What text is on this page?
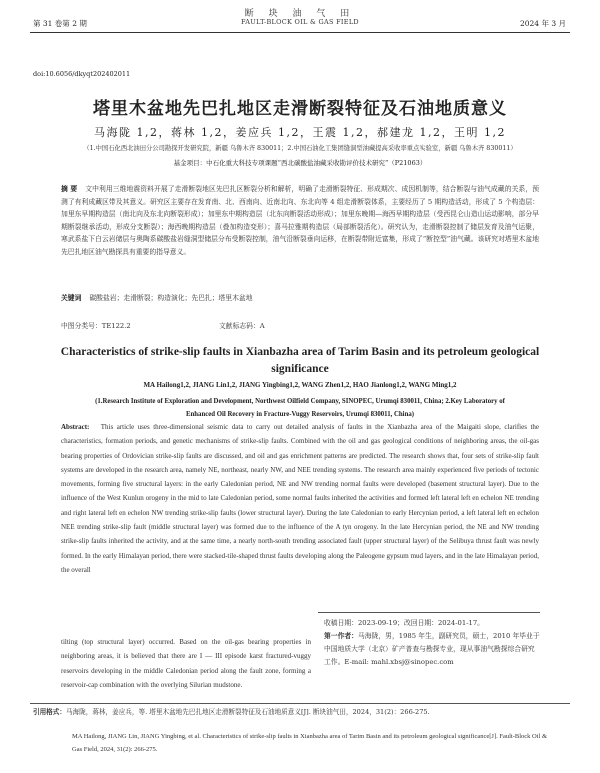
断 块 油 气 田
第 31 卷第 2 期	FAULT-BLOCK OIL & GAS FIELD	2024 年 3 月
doi:10.6056/dkyqt202402011
塔里木盆地先巴扎地区走滑断裂特征及石油地质意义
马海陇 1,2，蒋林 1,2，姜应兵 1,2，王震 1,2，郝建龙 1,2，王明 1,2
（1.中国石化西北油田分公司勘探开发研究院，新疆 乌鲁木齐 830011；2.中国石油化工集团缝洞型油藏提高采收率重点实验室，新疆 乌鲁木齐 830011）
基金项目：中石化重大科技专项课题“西北碳酸盐油藏采收勘评价技术研究”（P21063）
摘 要 文中利用三维地震资料开展了走滑断裂地区先巴扎区断裂分析和解析，明确了走滑断裂特征、形成期次、成因机制等，结合断裂与油气成藏的关系，预测了有利成藏区带及其意义。研究区主要存在发育南、北、西南向、近南北向、东北向等 4 组走滑断裂体系，主要经历了 5 期构造活动，形成了 5 个构造层：加里东早期构造层（南北向及东北向断裂形成）；加里东中期构造层（北东向断裂活动形成）；加里东晚期—海西早期构造层（受西昆仑山造山运动影响，部分早期断裂继承活动，形成分支断裂）；海西晚期构造层（叠加构造变形）；喜马拉雅期构造层（局部断裂活化）。研究认为，走滑断裂控制了储层发育及油气运聚，寒武系盐下白云岩储层与奥陶系碳酸盐岩缝洞型储层分布受断裂控制，油气沿断裂垂向运移，在断裂带附近富集，形成了“断控型”油气藏。该研究对塔里木盆地先巴扎地区油气勘探具有重要的指导意义。
关键词 碳酸盐岩；走滑断裂；构造演化；先巴扎；塔里木盆地
中图分类号：TE122.2	文献标志码：A
Characteristics of strike-slip faults in Xianbazha area of Tarim Basin and its petroleum geological significance
MA Hailong1,2, JIANG Lin1,2, JIANG Yingbing1,2, WANG Zhen1,2, HAO Jianlong1,2, WANG Ming1,2
(1.Research Institute of Exploration and Development, Northwest Oilfield Company, SINOPEC, Urumqi 830011, China; 2.Key Laboratory of Enhanced Oil Recovery in Fracture-Vuggy Reservoirs, Urumqi 830011, China)
Abstract: This article uses three-dimensional seismic data to carry out detailed analysis of faults in the Xianbazha area of the Maigaiti slope, clarifies the characteristics, formation periods, and genetic mechanisms of strike-slip faults. Combined with the oil and gas geological conditions of neighboring areas, the oil-gas bearing properties of Ordovician strike-slip faults are discussed, and oil and gas enrichment patterns are predicted. The research shows that, four sets of strike-slip fault systems are developed in the research area, namely NE, northeast, nearly NW, and NEE trending systems. The research area mainly experienced five periods of tectonic movements, forming five structural layers: in the early Caledonian period, NE and NW trending normal faults were developed (basement structural layer). Due to the influence of the West Kunlun orogeny in the mid to late Caledonian period, some normal faults inherited the activities and formed left lateral left en echelon NE trending and right lateral left en echelon NW trending strike-slip faults (lower structural layer). During the late Caledonian to early Hercynian period, a left lateral left en echelon NEE trending strike-slip fault (middle structural layer) was formed due to the influence of the A tyn orogeny. In the late Hercynian period, the NE and NW trending strike-slip faults inherited the activity, and at the same time, a nearly north-south trending associated fault (upper structural layer) of the Selibuya thrust fault was newly formed. In the early Himalayan period, there were stacked-tile-shaped thrust faults developing along the Paleogene gypsum mud layers, and in the late Himalayan period, the overall
tilting (top structural layer) occurred. Based on the oil-gas bearing properties in neighboring areas, it is believed that there are I — III episode karst fractured-vuggy reservoirs developing in the middle Caledonian period along the fault zone, forming a reservoir-cap combination with the overlying Silurian mudstone.
收稿日期：2023-09-19；改回日期：2024-01-17。
第一作者：马海陇，男，1985 年生，副研究员，硕士，2010 年毕业于中国地质大学（北京）矿产普查与勘探专业，现从事油气勘探综合研究工作。E-mail: mahl.xbsj@sinopec.com
引用格式：马海陇，蒋林，姜应兵，等. 塔里木盆地先巴扎地区走滑断裂特征及石油地质意义[J]. 断块油气田，2024，31(2)：266-275.
MA Hailong, JIANG Lin, JIANG Yingbing, et al. Characteristics of strike-slip faults in Xianbazha area of Tarim Basin and its petroleum geological significance[J]. Fault-Block Oil & Gas Field, 2024, 31(2): 266-275.
